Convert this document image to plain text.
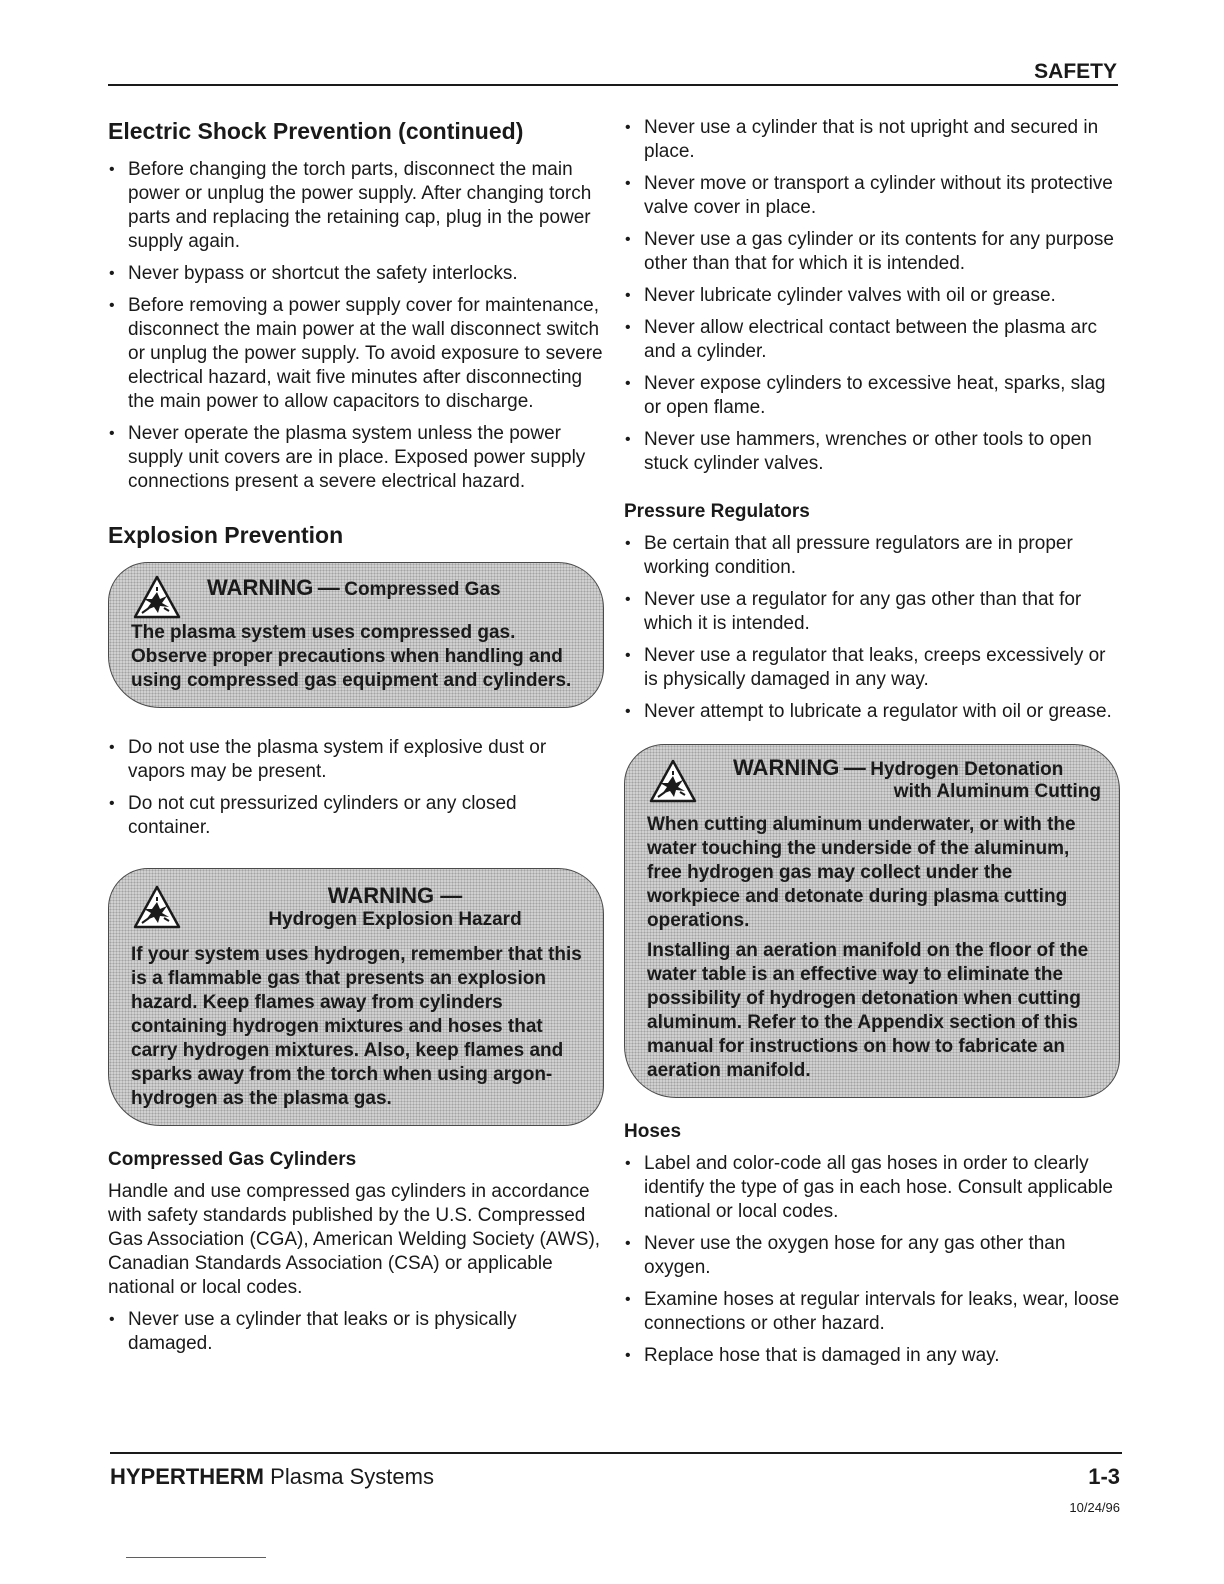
SAFETY
Electric Shock Prevention (continued)
• Before changing the torch parts, disconnect the main power or unplug the power supply. After changing torch parts and replacing the retaining cap, plug in the power supply again.
• Never bypass or shortcut the safety interlocks.
• Before removing a power supply cover for maintenance, disconnect the main power at the wall disconnect switch or unplug the power supply. To avoid exposure to severe electrical hazard, wait five minutes after disconnecting the main power to allow capacitors to discharge.
• Never operate the plasma system unless the power supply unit covers are in place. Exposed power supply connections present a severe electrical hazard.
Explosion Prevention
WARNING — Compressed Gas

The plasma system uses compressed gas. Observe proper precautions when handling and using compressed gas equipment and cylinders.

• Do not use the plasma system if explosive dust or vapors may be present.
• Do not cut pressurized cylinders or any closed container.
WARNING —
Hydrogen Explosion Hazard

If your system uses hydrogen, remember that this is a flammable gas that presents an explosion hazard. Keep flames away from cylinders containing hydrogen mixtures and hoses that carry hydrogen mixtures. Also, keep flames and sparks away from the torch when using argon-hydrogen as the plasma gas.

Compressed Gas Cylinders

Handle and use compressed gas cylinders in accordance with safety standards published by the U.S. Compressed Gas Association (CGA), American Welding Society (AWS), Canadian Standards Association (CSA) or applicable national or local codes.

• Never use a cylinder that leaks or is physically damaged.
• Never use a cylinder that is not upright and secured in place.
• Never move or transport a cylinder without its protective valve cover in place.
• Never use a gas cylinder or its contents for any purpose other than that for which it is intended.
• Never lubricate cylinder valves with oil or grease.
• Never allow electrical contact between the plasma arc and a cylinder.
• Never expose cylinders to excessive heat, sparks, slag or open flame.
• Never use hammers, wrenches or other tools to open stuck cylinder valves.
Pressure Regulators
• Be certain that all pressure regulators are in proper working condition.
• Never use a regulator for any gas other than that for which it is intended.
• Never use a regulator that leaks, creeps excessively or is physically damaged in any way.
• Never attempt to lubricate a regulator with oil or grease.
WARNING — Hydrogen Detonation
with Aluminum Cutting

When cutting aluminum underwater, or with the water touching the underside of the aluminum, free hydrogen gas may collect under the workpiece and detonate during plasma cutting operations.

Installing an aeration manifold on the floor of the water table is an effective way to eliminate the possibility of hydrogen detonation when cutting aluminum. Refer to the Appendix section of this manual for instructions on how to fabricate an aeration manifold.

Hoses
• Label and color-code all gas hoses in order to clearly identify the type of gas in each hose. Consult applicable national or local codes.
• Never use the oxygen hose for any gas other than oxygen.
• Examine hoses at regular intervals for leaks, wear, loose connections or other hazard.
• Replace hose that is damaged in any way.
HYPERTHERM Plasma Systems	1-3
10/24/96
